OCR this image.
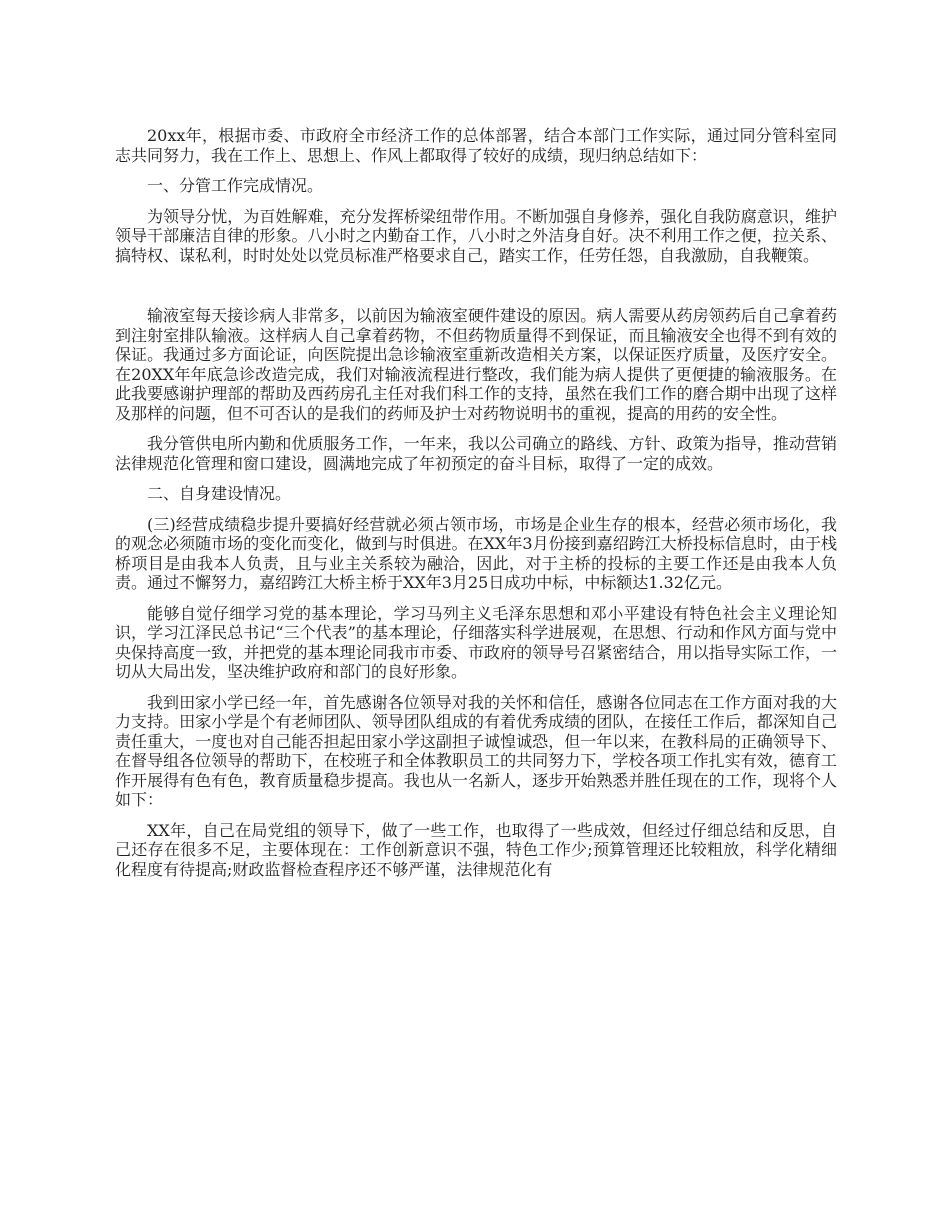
20xx年，根据市委、市政府全市经济工作的总体部署，结合本部门工作实际，通过同分管科室同志共同努力，我在工作上、思想上、作风上都取得了较好的成绩，现归纳总结如下：

一、分管工作完成情况。

为领导分忧，为百姓解难，充分发挥桥梁纽带作用。不断加强自身修养，强化自我防腐意识，维护领导干部廉洁自律的形象。八小时之内勤奋工作，八小时之外洁身自好。决不利用工作之便，拉关系、搞特权、谋私利，时时处处以党员标准严格要求自己，踏实工作，任劳任怨，自我激励，自我鞭策。

输液室每天接诊病人非常多，以前因为输液室硬件建设的原因。病人需要从药房领药后自己拿着药到注射室排队输液。这样病人自己拿着药物，不但药物质量得不到保证，而且输液安全也得不到有效的保证。我通过多方面论证，向医院提出急诊输液室重新改造相关方案，以保证医疗质量，及医疗安全。在20XX年年底急诊改造完成，我们对输液流程进行整改，我们能为病人提供了更便捷的输液服务。在此我要感谢护理部的帮助及西药房孔主任对我们科工作的支持，虽然在我们工作的磨合期中出现了这样及那样的问题，但不可否认的是我们的药师及护士对药物说明书的重视，提高的用药的安全性。

我分管供电所内勤和优质服务工作，一年来，我以公司确立的路线、方针、政策为指导，推动营销法律规范化管理和窗口建设，圆满地完成了年初预定的奋斗目标，取得了一定的成效。

二、自身建设情况。

(三)经营成绩稳步提升要搞好经营就必须占领市场，市场是企业生存的根本，经营必须市场化，我的观念必须随市场的变化而变化，做到与时俱进。在XX年3月份接到嘉绍跨江大桥投标信息时，由于栈桥项目是由我本人负责，且与业主关系较为融洽，因此，对于主桥的投标的主要工作还是由我本人负责。通过不懈努力，嘉绍跨江大桥主桥于XX年3月25日成功中标，中标额达1.32亿元。

能够自觉仔细学习党的基本理论，学习马列主义毛泽东思想和邓小平建设有特色社会主义理论知识，学习江泽民总书记“三个代表”的基本理论，仔细落实科学进展观，在思想、行动和作风方面与党中央保持高度一致，并把党的基本理论同我市市委、市政府的领导号召紧密结合，用以指导实际工作，一切从大局出发，坚决维护政府和部门的良好形象。

我到田家小学已经一年，首先感谢各位领导对我的关怀和信任，感谢各位同志在工作方面对我的大力支持。田家小学是个有老师团队、领导团队组成的有着优秀成绩的团队，在接任工作后，都深知自己责任重大，一度也对自己能否担起田家小学这副担子诚惶诚恐，但一年以来，在教科局的正确领导下、在督导组各位领导的帮助下，在校班子和全体教职员工的共同努力下，学校各项工作扎实有效，德育工作开展得有色有色，教育质量稳步提高。我也从一名新人，逐步开始熟悉并胜任现在的工作，现将个人如下：

XX年，自己在局党组的领导下，做了一些工作，也取得了一些成效，但经过仔细总结和反思，自己还存在很多不足，主要体现在：工作创新意识不强，特色工作少;预算管理还比较粗放，科学化精细化程度有待提高;财政监督检查程序还不够严谨，法律规范化有
